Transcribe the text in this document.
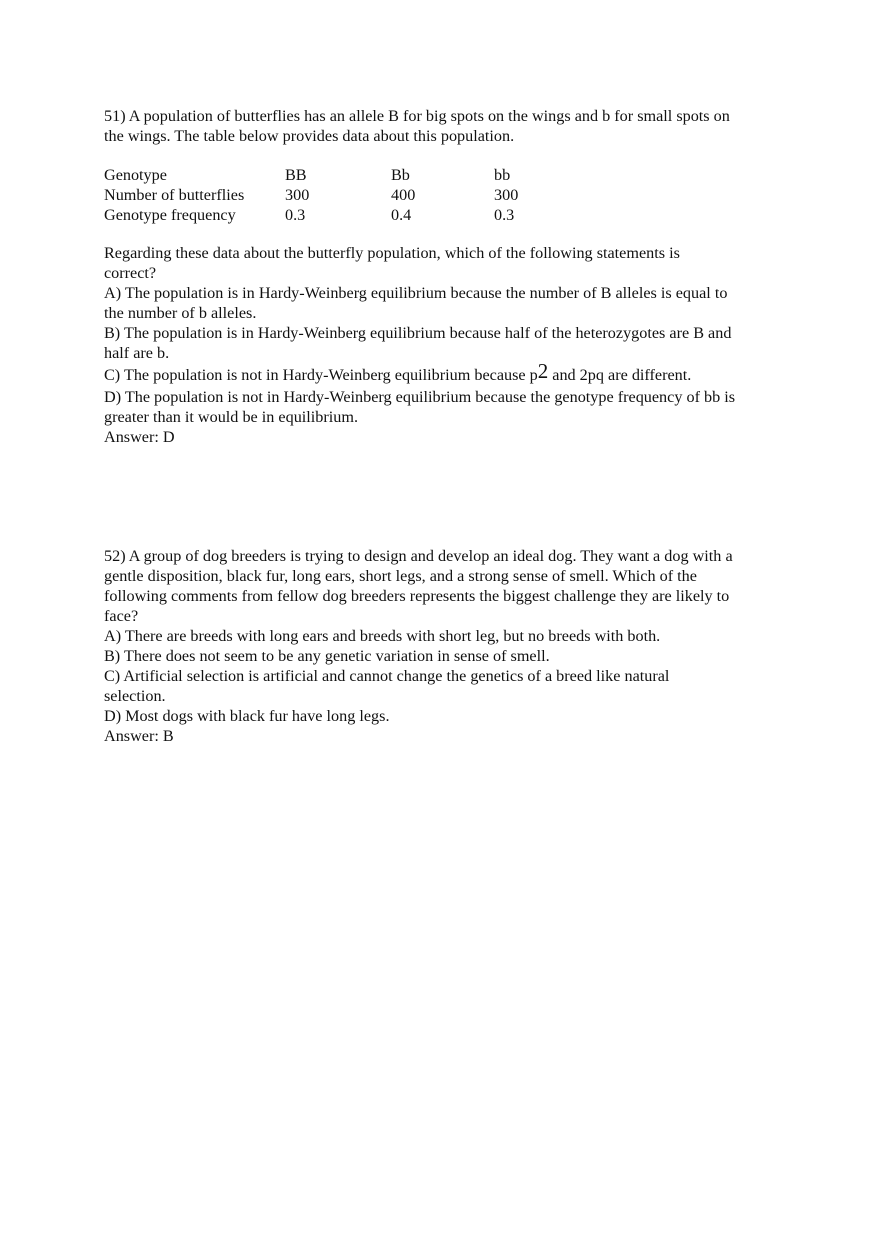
51) A population of butterflies has an allele B for big spots on the wings and b for small spots on
the wings. The table below provides data about this population.
Genotype	BB	Bb	bb
Number of butterflies	300	400	300
Genotype frequency	0.3	0.4	0.3
Regarding these data about the butterfly population, which of the following statements is
correct?
A) The population is in Hardy-Weinberg equilibrium because the number of B alleles is equal to
the number of b alleles.
B) The population is in Hardy-Weinberg equilibrium because half of the heterozygotes are B and
half are b.
C) The population is not in Hardy-Weinberg equilibrium because p2 and 2pq are different.
D) The population is not in Hardy-Weinberg equilibrium because the genotype frequency of bb is
greater than it would be in equilibrium.
Answer: D
52) A group of dog breeders is trying to design and develop an ideal dog. They want a dog with a
gentle disposition, black fur, long ears, short legs, and a strong sense of smell. Which of the
following comments from fellow dog breeders represents the biggest challenge they are likely to
face?
A) There are breeds with long ears and breeds with short leg, but no breeds with both.
B) There does not seem to be any genetic variation in sense of smell.
C) Artificial selection is artificial and cannot change the genetics of a breed like natural
selection.
D) Most dogs with black fur have long legs.
Answer: B
